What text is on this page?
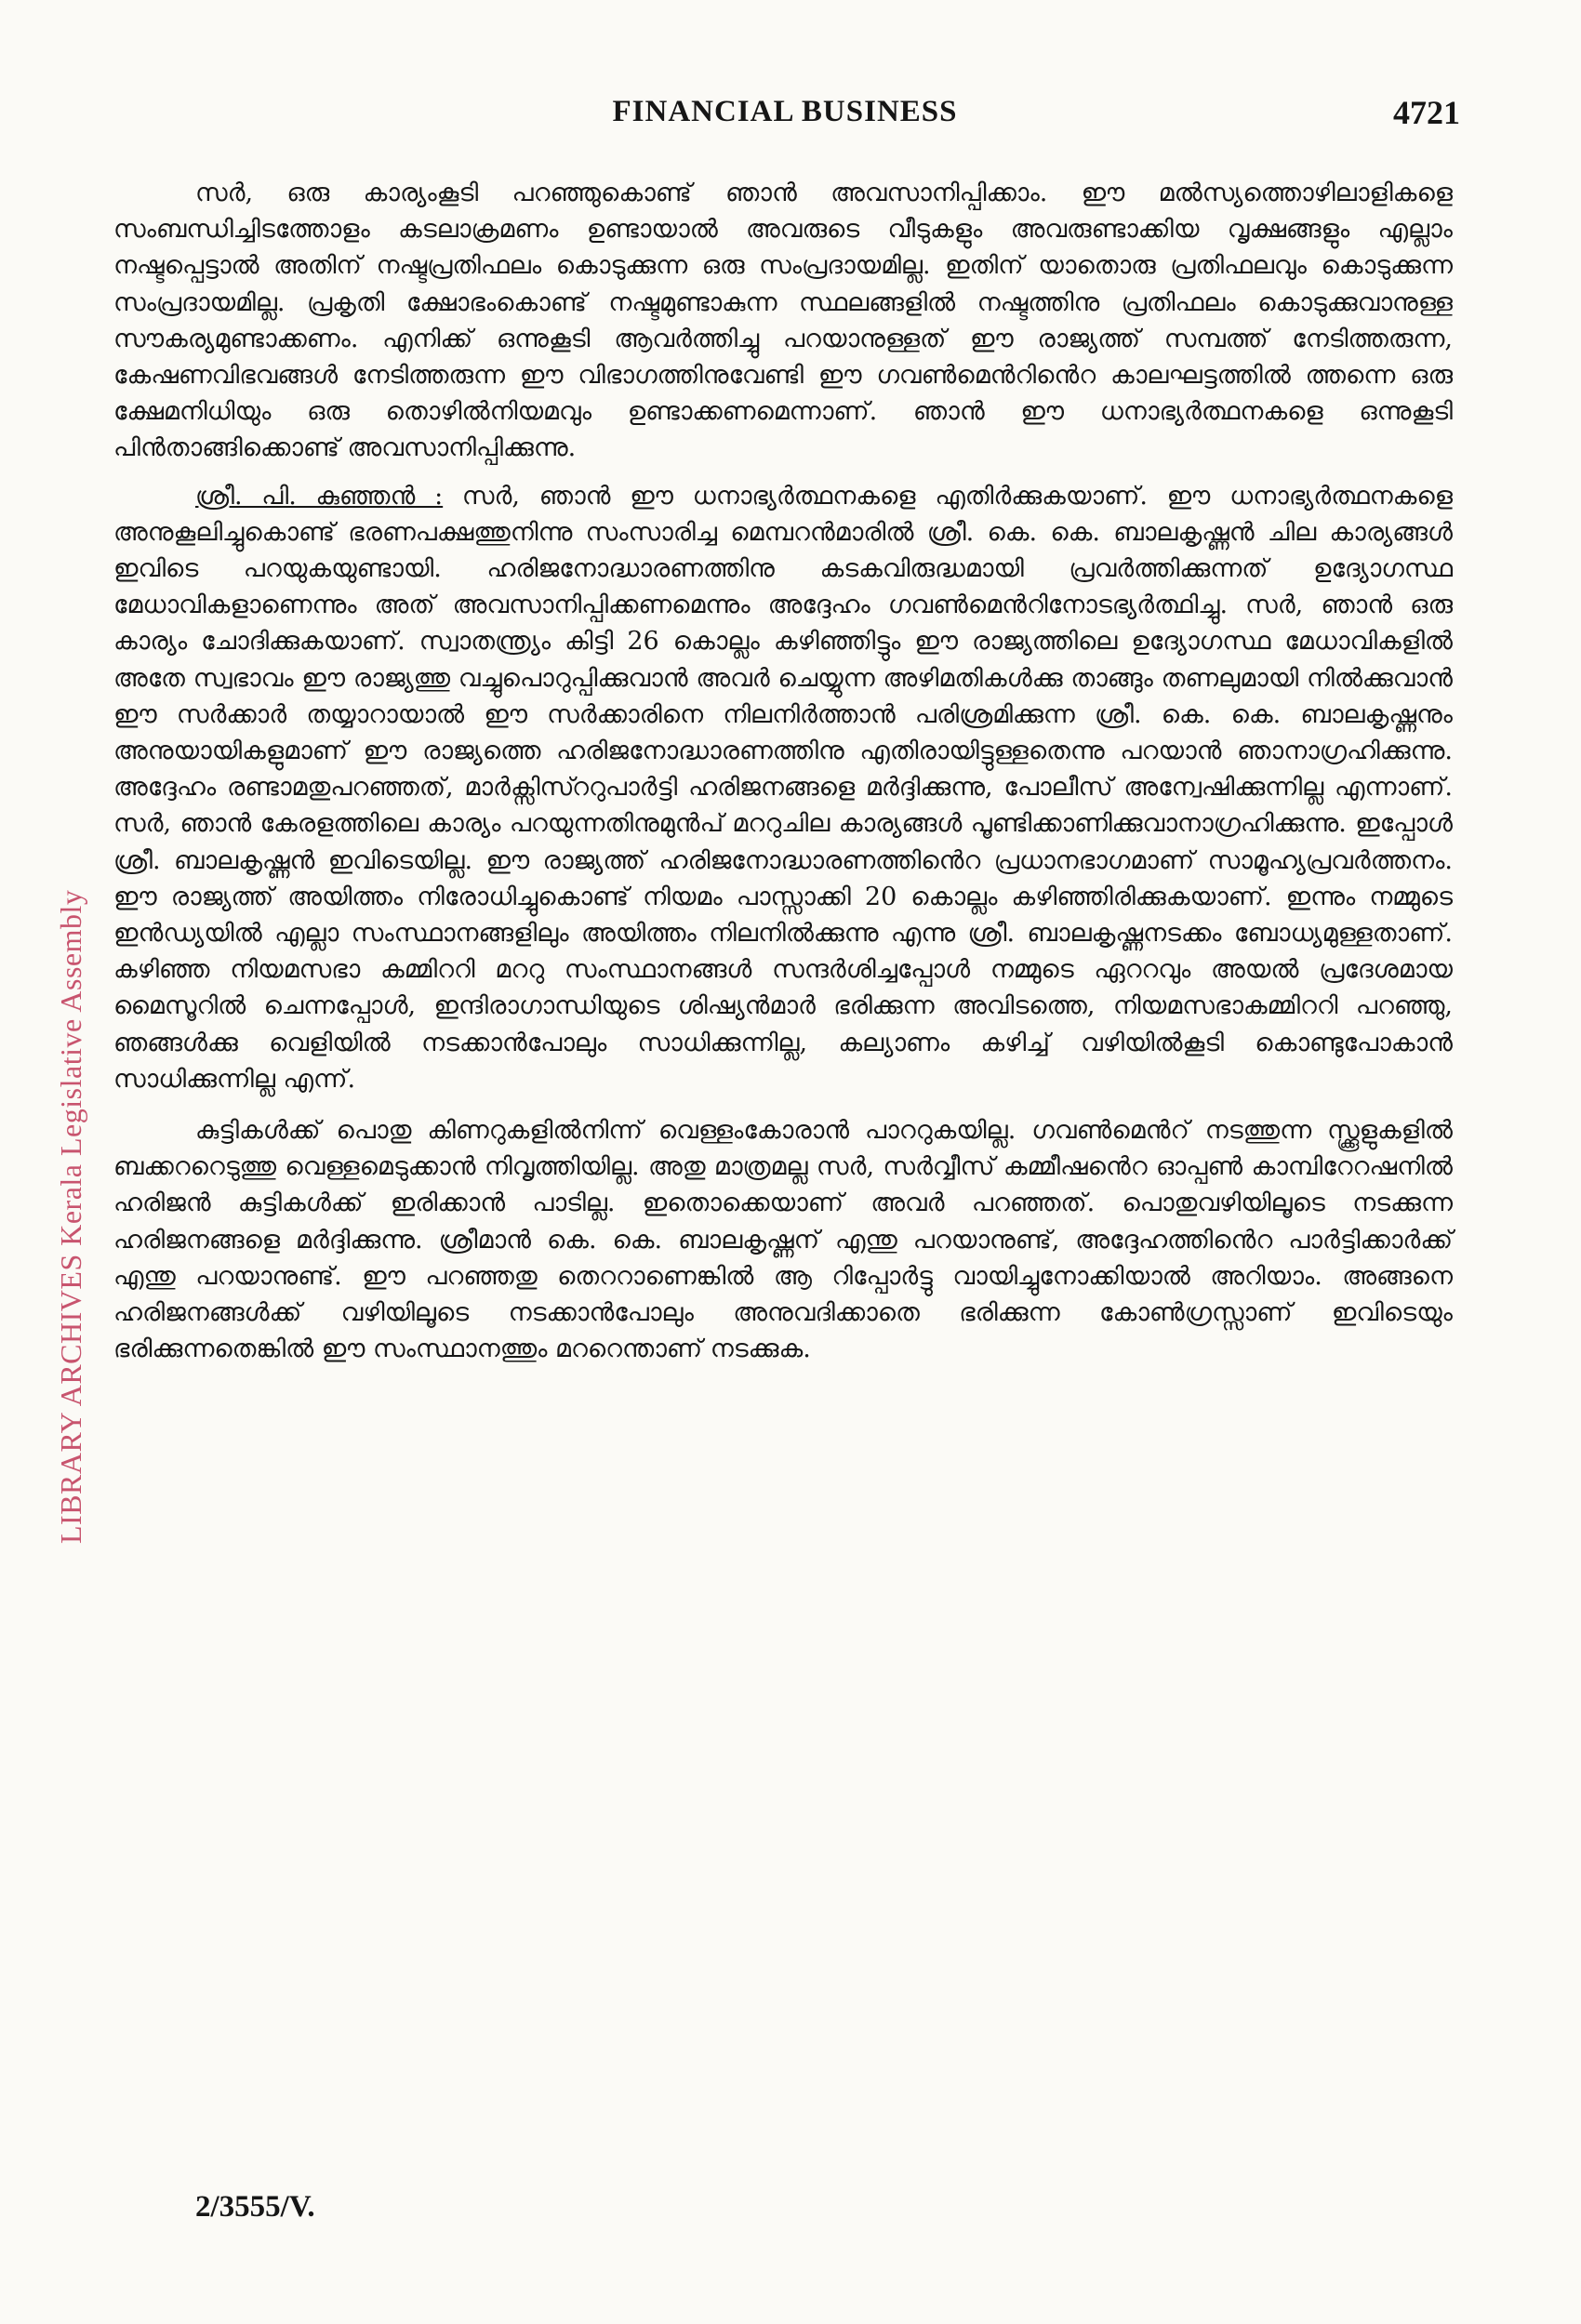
FINANCIAL BUSINESS	4721
LIBRARY ARCHIVES Kerala Legislative Assembly

സർ, ഒരു കാര്യംകൂടി പറഞ്ഞുകൊണ്ട് ഞാൻ അവസാനിപ്പിക്കാം. ഈ മൽസ്യത്തൊഴിലാളികളെ സംബന്ധിച്ചിടത്തോളം കടലാക്രമണം ഉണ്ടായാൽ അവരുടെ വീടുകളും അവരുണ്ടാക്കിയ വൃക്ഷങ്ങളും എല്ലാം നഷ്ടപ്പെട്ടാൽ അതിന് നഷ്ടപ്രതിഫലം കൊടുക്കുന്ന ഒരു സംപ്രദായമില്ല. ഇതിന് യാതൊരു പ്രതിഫലവും കൊടുക്കുന്ന സംപ്രദായമില്ല. പ്രകൃതി ക്ഷോഭംകൊണ്ട് നഷ്ടമുണ്ടാകുന്ന സ്ഥലങ്ങളിൽ നഷ്ടത്തിനു പ്രതിഫലം കൊടുക്കുവാനുള്ള സൗകര്യമുണ്ടാക്കണം. എനിക്ക് ഒന്നുകൂടി ആവർത്തിച്ചു പറയാനുള്ളത് ഈ രാജ്യത്ത് സമ്പത്ത് നേടിത്തരുന്ന, കേഷണവിഭവങ്ങൾ നേടിത്തരുന്ന ഈ വിഭാഗത്തിനുവേണ്ടി ഈ ഗവൺമെൻറിൻെറ കാലഘട്ടത്തിൽ ത്തന്നെ ഒരു ക്ഷേമനിധിയും ഒരു തൊഴിൽനിയമവും ഉണ്ടാക്കണമെന്നാണ്. ഞാൻ ഈ ധനാഭ്യർത്ഥനകളെ ഒന്നുകൂടി പിൻതാങ്ങിക്കൊണ്ട് അവസാനിപ്പിക്കുന്നു.

ശ്രീ. പി. കുഞ്ഞൻ : സർ, ഞാൻ ഈ ധനാഭ്യർത്ഥനകളെ എതിർക്കുകയാണ്. ഈ ധനാഭ്യർത്ഥനകളെ അനുകൂലിച്ചുകൊണ്ട് ഭരണപക്ഷത്തുനിന്നു സംസാരിച്ച മെമ്പറൻമാരിൽ ശ്രീ. കെ. കെ. ബാലകൃഷ്ണൻ ചില കാര്യങ്ങൾ ഇവിടെ പറയുകയുണ്ടായി. ഹരിജനോദ്ധാരണത്തിനു കടകവിരുദ്ധമായി പ്രവർത്തിക്കുന്നത് ഉദ്യോഗസ്ഥ മേധാവികളാണെന്നും അത് അവസാനിപ്പിക്കണമെന്നും അദ്ദേഹം ഗവൺമെൻറിനോടഭ്യർത്ഥിച്ചു. സർ, ഞാൻ ഒരു കാര്യം ചോദിക്കുകയാണ്. സ്വാതന്ത്ര്യം കിട്ടി 26 കൊല്ലം കഴിഞ്ഞിട്ടും ഈ രാജ്യത്തിലെ ഉദ്യോഗസ്ഥ മേധാവികളിൽ അതേ സ്വഭാവം ഈ രാജ്യത്തു വച്ചുപൊറുപ്പിക്കുവാൻ അവർ ചെയ്യുന്ന അഴിമതികൾക്കു താങ്ങും തണലുമായി നിൽക്കുവാൻ ഈ സർക്കാർ തയ്യാറായാൽ ഈ സർക്കാരിനെ നിലനിർത്താൻ പരിശ്രമിക്കുന്ന ശ്രീ. കെ. കെ. ബാലകൃഷ്ണനും അനുയായികളുമാണ് ഈ രാജ്യത്തെ ഹരിജനോദ്ധാരണത്തിനു എതിരായിട്ടുള്ളതെന്നു പറയാൻ ഞാനാഗ്രഹിക്കുന്നു. അദ്ദേഹം രണ്ടാമതുപറഞ്ഞത്, മാർക്സിസ്ററുപാർട്ടി ഹരിജനങ്ങളെ മർദ്ദിക്കുന്നു, പോലീസ് അന്വേഷിക്കുന്നില്ല എന്നാണ്. സർ, ഞാൻ കേരളത്തിലെ കാര്യം പറയുന്നതിനുമുൻപ് മററുചില കാര്യങ്ങൾ പൂണ്ടിക്കാണിക്കുവാനാഗ്രഹിക്കുന്നു. ഇപ്പോൾ ശ്രീ. ബാലകൃഷ്ണൻ ഇവിടെയില്ല. ഈ രാജ്യത്ത് ഹരിജനോദ്ധാരണത്തിൻെറ പ്രധാനഭാഗമാണ് സാമൂഹ്യപ്രവർത്തനം. ഈ രാജ്യത്ത് അയിത്തം നിരോധിച്ചുകൊണ്ട് നിയമം പാസ്സാക്കി 20 കൊല്ലം കഴിഞ്ഞിരിക്കുകയാണ്. ഇന്നും നമ്മുടെ ഇൻഡ്യയിൽ എല്ലാ സംസ്ഥാനങ്ങളിലും അയിത്തം നിലനിൽക്കുന്നു എന്നു ശ്രീ. ബാലകൃഷ്ണനടക്കം ബോധ്യമുള്ളതാണ്. കഴിഞ്ഞ നിയമസഭാ കമ്മിററി മററു സംസ്ഥാനങ്ങൾ സന്ദർശിച്ചപ്പോൾ നമ്മുടെ ഏററവും അയൽ പ്രദേശമായ മൈസൂറിൽ ചെന്നപ്പോൾ, ഇന്ദിരാഗാന്ധിയുടെ ശിഷ്യൻമാർ ഭരിക്കുന്ന അവിടത്തെ, നിയമസഭാകമ്മിററി പറഞ്ഞു, ഞങ്ങൾക്കു വെളിയിൽ നടക്കാൻപോലും സാധിക്കുന്നില്ല, കല്യാണം കഴിച്ച് വഴിയിൽകൂടി കൊണ്ടുപോകാൻ സാധിക്കുന്നില്ല എന്ന്.

കുട്ടികൾക്ക് പൊതു കിണറുകളിൽനിന്ന് വെള്ളംകോരാൻ പാററുകയില്ല. ഗവൺമെൻറ് നടത്തുന്ന സ്ക്കൂളുകളിൽ ബക്കററെടുത്തു വെള്ളമെടുക്കാൻ നിവൃത്തിയില്ല. അതു മാത്രമല്ല സർ, സർവ്വീസ് കമ്മീഷൻെറ ഓപ്പൺ കാമ്പിറേറഷനിൽ ഹരിജൻ കുട്ടികൾക്ക് ഇരിക്കാൻ പാടില്ല. ഇതൊക്കെയാണ് അവർ പറഞ്ഞത്. പൊതുവഴിയിലൂടെ നടക്കുന്ന ഹരിജനങ്ങളെ മർദ്ദിക്കുന്നു. ശ്രീമാൻ കെ. കെ. ബാലകൃഷ്ണന് എന്തു പറയാനുണ്ട്, അദ്ദേഹത്തിൻെറ പാർട്ടിക്കാർക്ക് എന്തു പറയാനുണ്ട്. ഈ പറഞ്ഞതു തെററാണെങ്കിൽ ആ റിപ്പോർട്ടു വായിച്ചുനോക്കിയാൽ അറിയാം. അങ്ങനെ ഹരിജനങ്ങൾക്ക് വഴിയിലൂടെ നടക്കാൻപോലും അനുവദിക്കാതെ ഭരിക്കുന്ന കോൺഗ്രസ്സാണ് ഇവിടെയും ഭരിക്കുന്നതെങ്കിൽ ഈ സംസ്ഥാനത്തും മററെന്താണ് നടക്കുക.

2/3555/V.
